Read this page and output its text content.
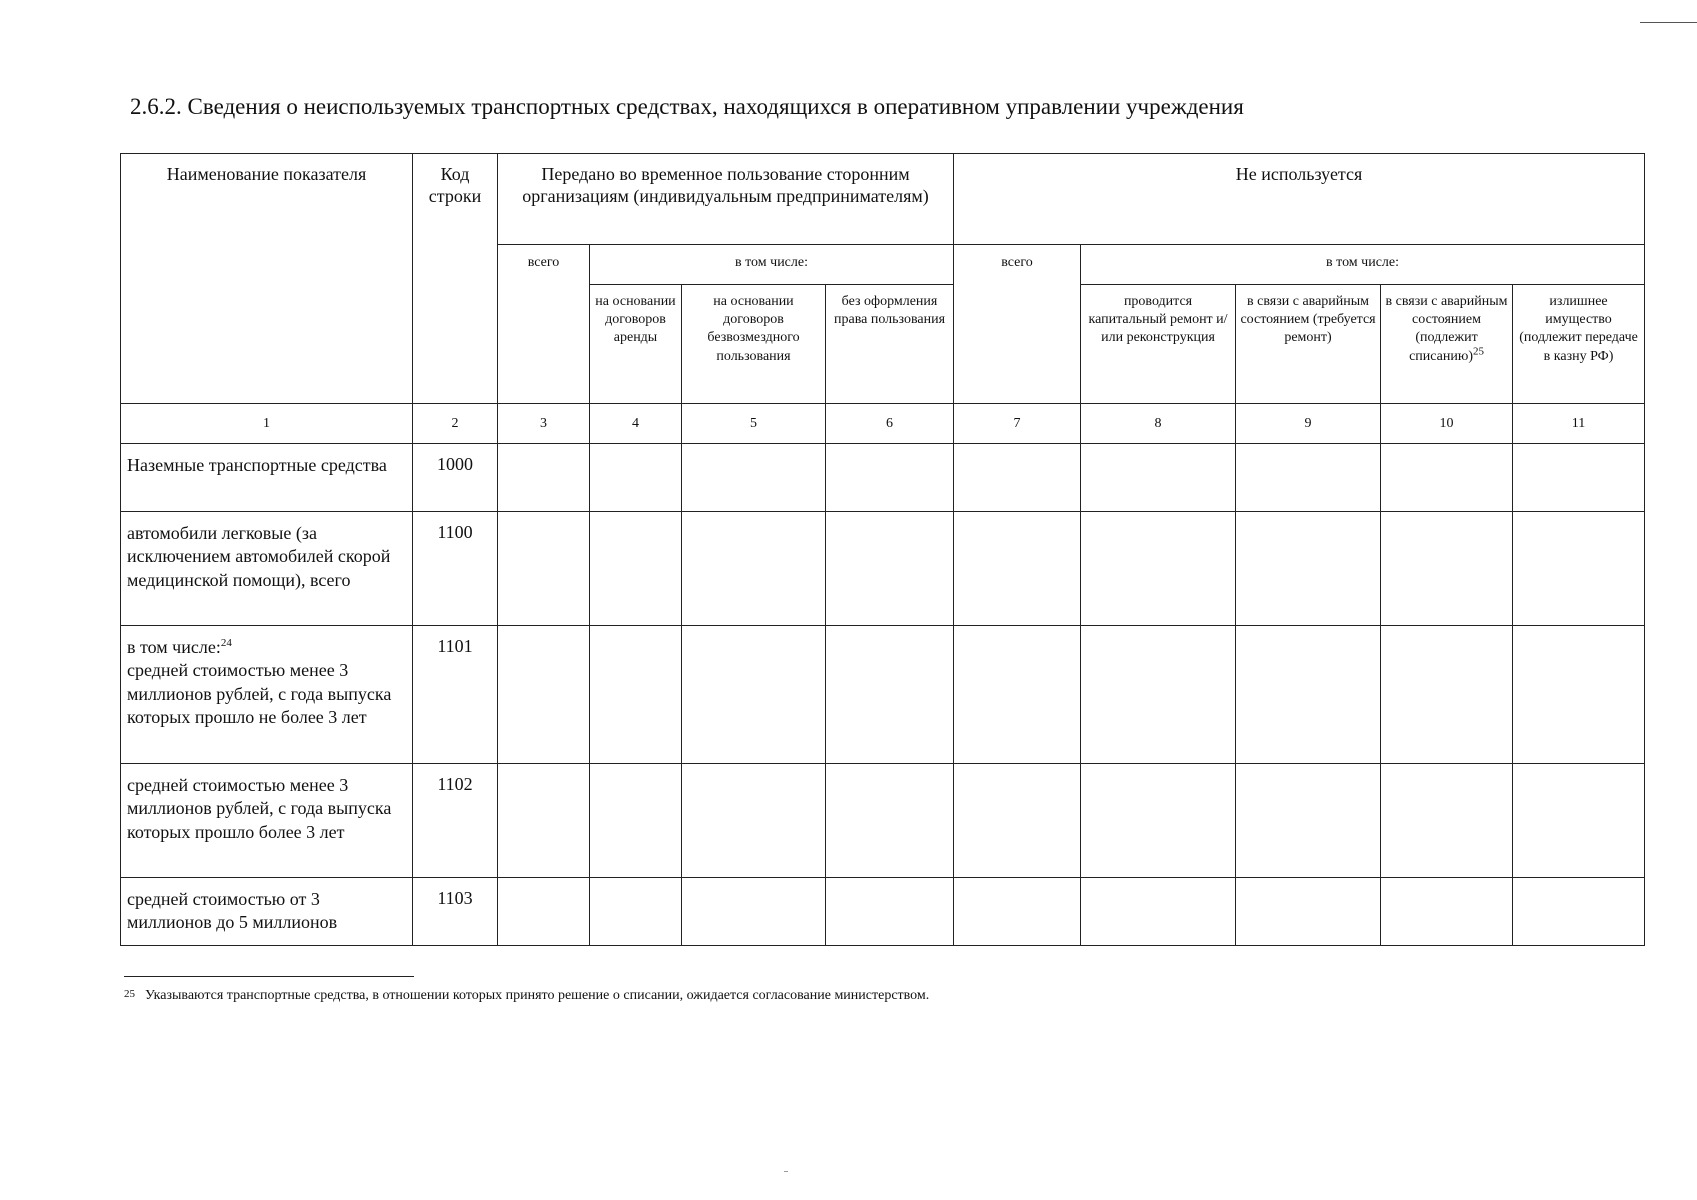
2.6.2. Сведения о неиспользуемых транспортных средствах, находящихся в оперативном управлении учреждения
Наименование показателя	Код строки	Передано во временное пользование сторонним организациям (индивидуальным предпринимателям)				Не используется				
		всего	в том числе:			всего	в том числе:			
			на основании договоров аренды	на основании договоров безвозмездного пользования	без оформления права пользования		проводится капитальный ремонт и/или реконструкция	в связи с аварийным состоянием (требуется ремонт)	в связи с аварийным состоянием (подлежит списанию)$^{25}$	излишнее имущество (подлежит передаче в казну РФ)
1	2	3	4	5	6	7	8	9	10	11
Наземные транспортные средства	1000									
автомобили легковые (за исключением автомобилей скорой медицинской помощи), всего	1100									
в том числе:$^{24}$
средней стоимостью менее 3 миллионов рублей, с года выпуска которых прошло не более 3 лет	1101									
средней стоимостью менее 3 миллионов рублей, с года выпуска которых прошло более 3 лет	1102									
средней стоимостью от 3 миллионов до 5 миллионов	1103									
$^{25}$ Указываются транспортные средства, в отношении которых принято решение о списании, ожидается согласование министерством.
